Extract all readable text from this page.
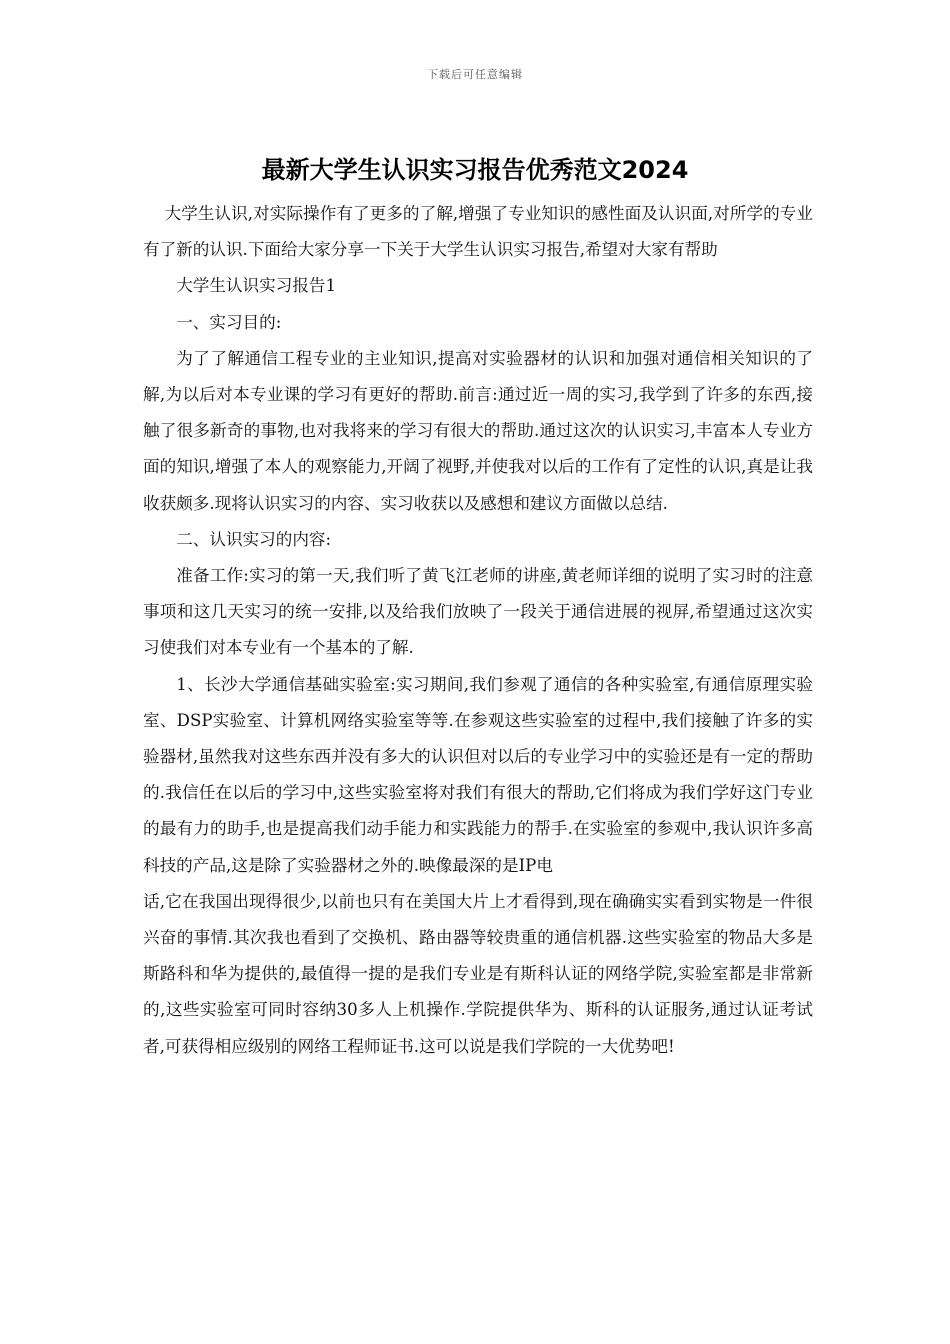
下载后可任意编辑
最新大学生认识实习报告优秀范文2024

大学生认识,对实际操作有了更多的了解,增强了专业知识的感性面及认识面,对所学的专业有了新的认识.下面给大家分享一下关于大学生认识实习报告,希望对大家有帮助

大学生认识实习报告1

一、实习目的:

为了了解通信工程专业的主业知识,提高对实验器材的认识和加强对通信相关知识的了解,为以后对本专业课的学习有更好的帮助.前言:通过近一周的实习,我学到了许多的东西,接触了很多新奇的事物,也对我将来的学习有很大的帮助.通过这次的认识实习,丰富本人专业方面的知识,增强了本人的观察能力,开阔了视野,并使我对以后的工作有了定性的认识,真是让我收获颇多.现将认识实习的内容、实习收获以及感想和建议方面做以总结.

二、认识实习的内容:

准备工作:实习的第一天,我们听了黄飞江老师的讲座,黄老师详细的说明了实习时的注意事项和这几天实习的统一安排,以及给我们放映了一段关于通信进展的视屏,希望通过这次实习使我们对本专业有一个基本的了解.

1、长沙大学通信基础实验室:实习期间,我们参观了通信的各种实验室,有通信原理实验室、DSP实验室、计算机网络实验室等等.在参观这些实验室的过程中,我们接触了许多的实验器材,虽然我对这些东西并没有多大的认识但对以后的专业学习中的实验还是有一定的帮助的.我信任在以后的学习中,这些实验室将对我们有很大的帮助,它们将成为我们学好这门专业的最有力的助手,也是提高我们动手能力和实践能力的帮手.在实验室的参观中,我认识许多高科技的产品,这是除了实验器材之外的.映像最深的是IP电

话,它在我国出现得很少,以前也只有在美国大片上才看得到,现在确确实实看到实物是一件很兴奋的事情.其次我也看到了交换机、路由器等较贵重的通信机器.这些实验室的物品大多是斯路科和华为提供的,最值得一提的是我们专业是有斯科认证的网络学院,实验室都是非常新的,这些实验室可同时容纳30多人上机操作.学院提供华为、斯科的认证服务,通过认证考试者,可获得相应级别的网络工程师证书.这可以说是我们学院的一大优势吧!
